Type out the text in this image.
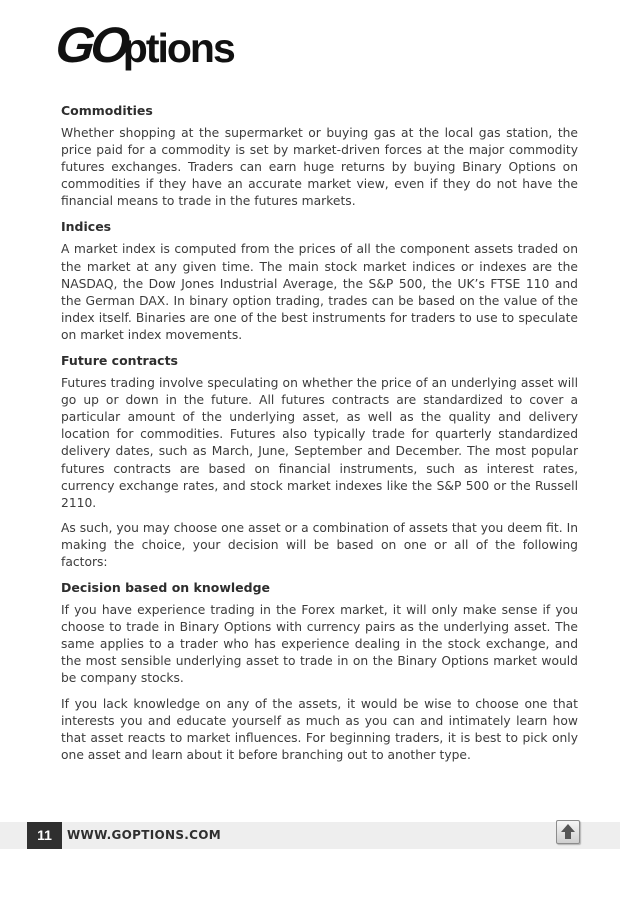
GOptions
Commodities

Whether shopping at the supermarket or buying gas at the local gas station, the price paid for a commodity is set by market-driven forces at the major commodity futures exchanges. Traders can earn huge returns by buying Binary Options on commodities if they have an accurate market view, even if they do not have the financial means to trade in the futures markets.

Indices

A market index is computed from the prices of all the component assets traded on the market at any given time. The main stock market indices or indexes are the NASDAQ, the Dow Jones Industrial Average, the S&P 500, the UK’s FTSE 110 and the German DAX. In binary option trading, trades can be based on the value of the index itself. Binaries are one of the best instruments for traders to use to speculate on market index movements.

Future contracts

Futures trading involve speculating on whether the price of an underlying asset will go up or down in the future. All futures contracts are standardized to cover a particular amount of the underlying asset, as well as the quality and delivery location for commodities. Futures also typically trade for quarterly standardized delivery dates, such as March, June, September and December. The most popular futures contracts are based on financial instruments, such as interest rates, currency exchange rates, and stock market indexes like the S&P 500 or the Russell 2110.

As such, you may choose one asset or a combination of assets that you deem fit. In making the choice, your decision will be based on one or all of the following factors:

Decision based on knowledge

If you have experience trading in the Forex market, it will only make sense if you choose to trade in Binary Options with currency pairs as the underlying asset. The same applies to a trader who has experience dealing in the stock exchange, and the most sensible underlying asset to trade in on the Binary Options market would be company stocks.

If you lack knowledge on any of the assets, it would be wise to choose one that interests you and educate yourself as much as you can and intimately learn how that asset reacts to market influences. For beginning traders, it is best to pick only one asset and learn about it before branching out to another type.

11	WWW.GOPTIONS.COM
